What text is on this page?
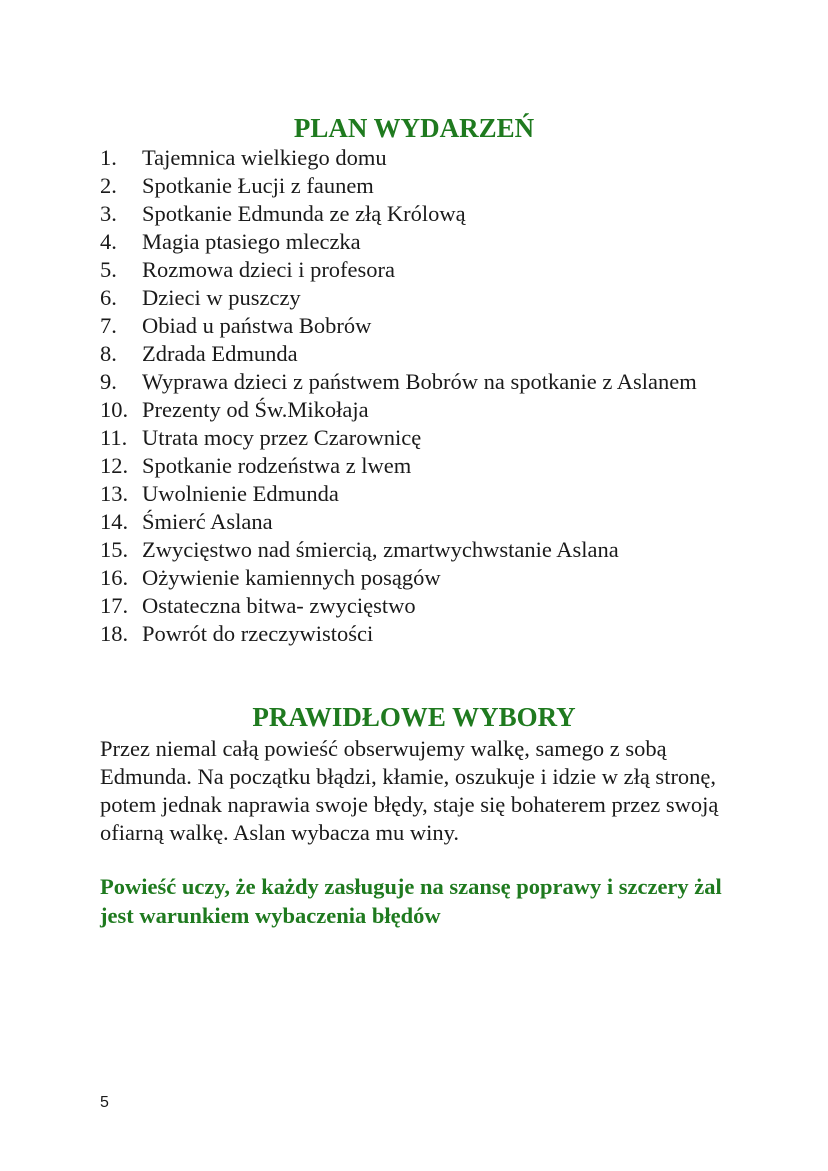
PLAN WYDARZEŃ
1. Tajemnica wielkiego domu
2. Spotkanie Łucji z faunem
3. Spotkanie Edmunda ze złą Królową
4. Magia ptasiego mleczka
5. Rozmowa dzieci i profesora
6. Dzieci w puszczy
7. Obiad u państwa Bobrów
8. Zdrada Edmunda
9. Wyprawa dzieci z państwem Bobrów na spotkanie z Aslanem
10. Prezenty od Św.Mikołaja
11. Utrata mocy przez Czarownicę
12. Spotkanie rodzeństwa z lwem
13. Uwolnienie Edmunda
14. Śmierć Aslana
15. Zwycięstwo nad śmiercią, zmartwychwstanie Aslana
16. Ożywienie kamiennych posągów
17. Ostateczna bitwa- zwycięstwo
18. Powrót do rzeczywistości
PRAWIDŁOWE WYBORY

Przez niemal całą powieść obserwujemy walkę, samego z sobą Edmunda. Na początku błądzi, kłamie, oszukuje i idzie w złą stronę, potem jednak naprawia swoje błędy, staje się bohaterem przez swoją ofiarną walkę. Aslan wybacza mu winy.

Powieść uczy, że każdy zasługuje na szansę poprawy i szczery żal jest warunkiem wybaczenia błędów

5
